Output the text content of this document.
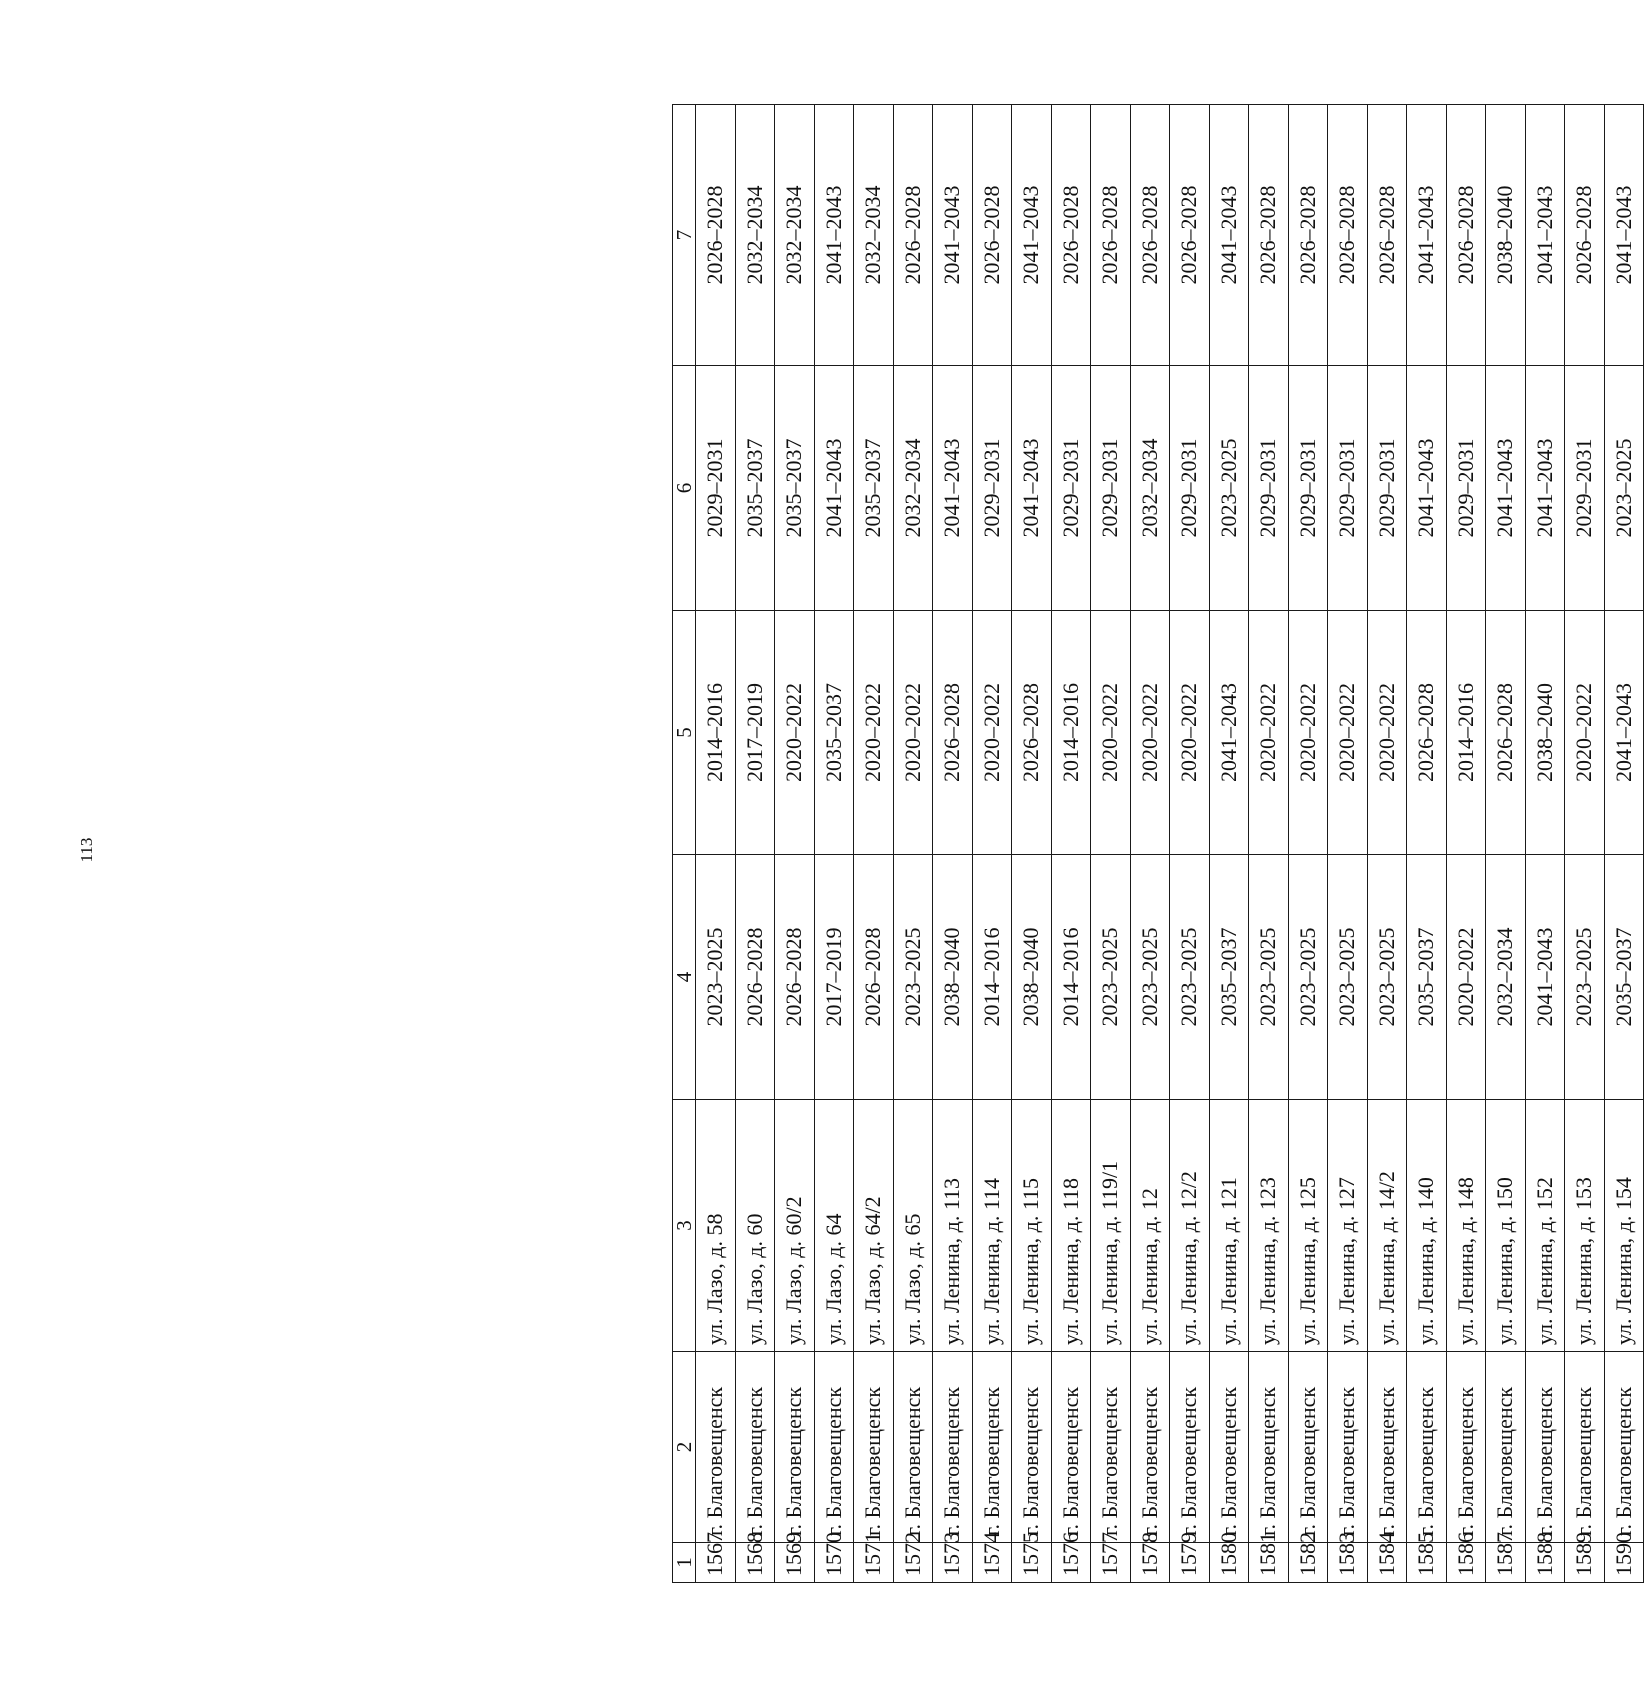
113
1	2	3	4	5	6	7
1567	г. Благовещенск	ул. Лазо, д. 58	2023–2025	2014–2016	2029–2031	2026–2028
1568	г. Благовещенск	ул. Лазо, д. 60	2026–2028	2017–2019	2035–2037	2032–2034
1569	г. Благовещенск	ул. Лазо, д. 60/2	2026–2028	2020–2022	2035–2037	2032–2034
1570	г. Благовещенск	ул. Лазо, д. 64	2017–2019	2035–2037	2041–2043	2041–2043
1571	г. Благовещенск	ул. Лазо, д. 64/2	2026–2028	2020–2022	2035–2037	2032–2034
1572	г. Благовещенск	ул. Лазо, д. 65	2023–2025	2020–2022	2032–2034	2026–2028
1573	г. Благовещенск	ул. Ленина, д. 113	2038–2040	2026–2028	2041–2043	2041–2043
1574	г. Благовещенск	ул. Ленина, д. 114	2014–2016	2020–2022	2029–2031	2026–2028
1575	г. Благовещенск	ул. Ленина, д. 115	2038–2040	2026–2028	2041–2043	2041–2043
1576	г. Благовещенск	ул. Ленина, д. 118	2014–2016	2014–2016	2029–2031	2026–2028
1577	г. Благовещенск	ул. Ленина, д. 119/1	2023–2025	2020–2022	2029–2031	2026–2028
1578	г. Благовещенск	ул. Ленина, д. 12	2023–2025	2020–2022	2032–2034	2026–2028
1579	г. Благовещенск	ул. Ленина, д. 12/2	2023–2025	2020–2022	2029–2031	2026–2028
1580	г. Благовещенск	ул. Ленина, д. 121	2035–2037	2041–2043	2023–2025	2041–2043
1581	г. Благовещенск	ул. Ленина, д. 123	2023–2025	2020–2022	2029–2031	2026–2028
1582	г. Благовещенск	ул. Ленина, д. 125	2023–2025	2020–2022	2029–2031	2026–2028
1583	г. Благовещенск	ул. Ленина, д. 127	2023–2025	2020–2022	2029–2031	2026–2028
1584	г. Благовещенск	ул. Ленина, д. 14/2	2023–2025	2020–2022	2029–2031	2026–2028
1585	г. Благовещенск	ул. Ленина, д. 140	2035–2037	2026–2028	2041–2043	2041–2043
1586	г. Благовещенск	ул. Ленина, д. 148	2020–2022	2014–2016	2029–2031	2026–2028
1587	г. Благовещенск	ул. Ленина, д. 150	2032–2034	2026–2028	2041–2043	2038–2040
1588	г. Благовещенск	ул. Ленина, д. 152	2041–2043	2038–2040	2041–2043	2041–2043
1589	г. Благовещенск	ул. Ленина, д. 153	2023–2025	2020–2022	2029–2031	2026–2028
1590	г. Благовещенск	ул. Ленина, д. 154	2035–2037	2041–2043	2023–2025	2041–2043
